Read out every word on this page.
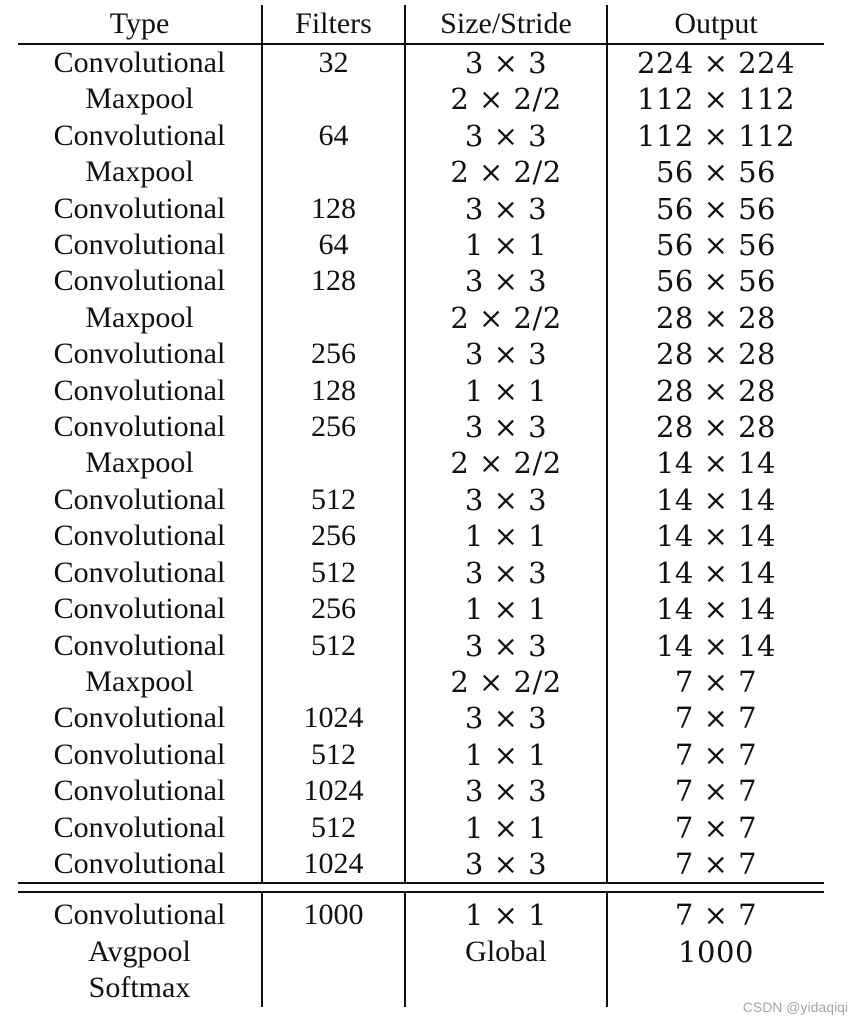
Type	Filters	Size/Stride	Output
Convolutional	32	3 × 3	224 × 224
Maxpool		2 × 2/2	112 × 112
Convolutional	64	3 × 3	112 × 112
Maxpool		2 × 2/2	56 × 56
Convolutional	128	3 × 3	56 × 56
Convolutional	64	1 × 1	56 × 56
Convolutional	128	3 × 3	56 × 56
Maxpool		2 × 2/2	28 × 28
Convolutional	256	3 × 3	28 × 28
Convolutional	128	1 × 1	28 × 28
Convolutional	256	3 × 3	28 × 28
Maxpool		2 × 2/2	14 × 14
Convolutional	512	3 × 3	14 × 14
Convolutional	256	1 × 1	14 × 14
Convolutional	512	3 × 3	14 × 14
Convolutional	256	1 × 1	14 × 14
Convolutional	512	3 × 3	14 × 14
Maxpool		2 × 2/2	7 × 7
Convolutional	1024	3 × 3	7 × 7
Convolutional	512	1 × 1	7 × 7
Convolutional	1024	3 × 3	7 × 7
Convolutional	512	1 × 1	7 × 7
Convolutional	1024	3 × 3	7 × 7

Convolutional	1000	1 × 1	7 × 7
Avgpool		Global	1000
Softmax			
CSDN @yidaqiqi
